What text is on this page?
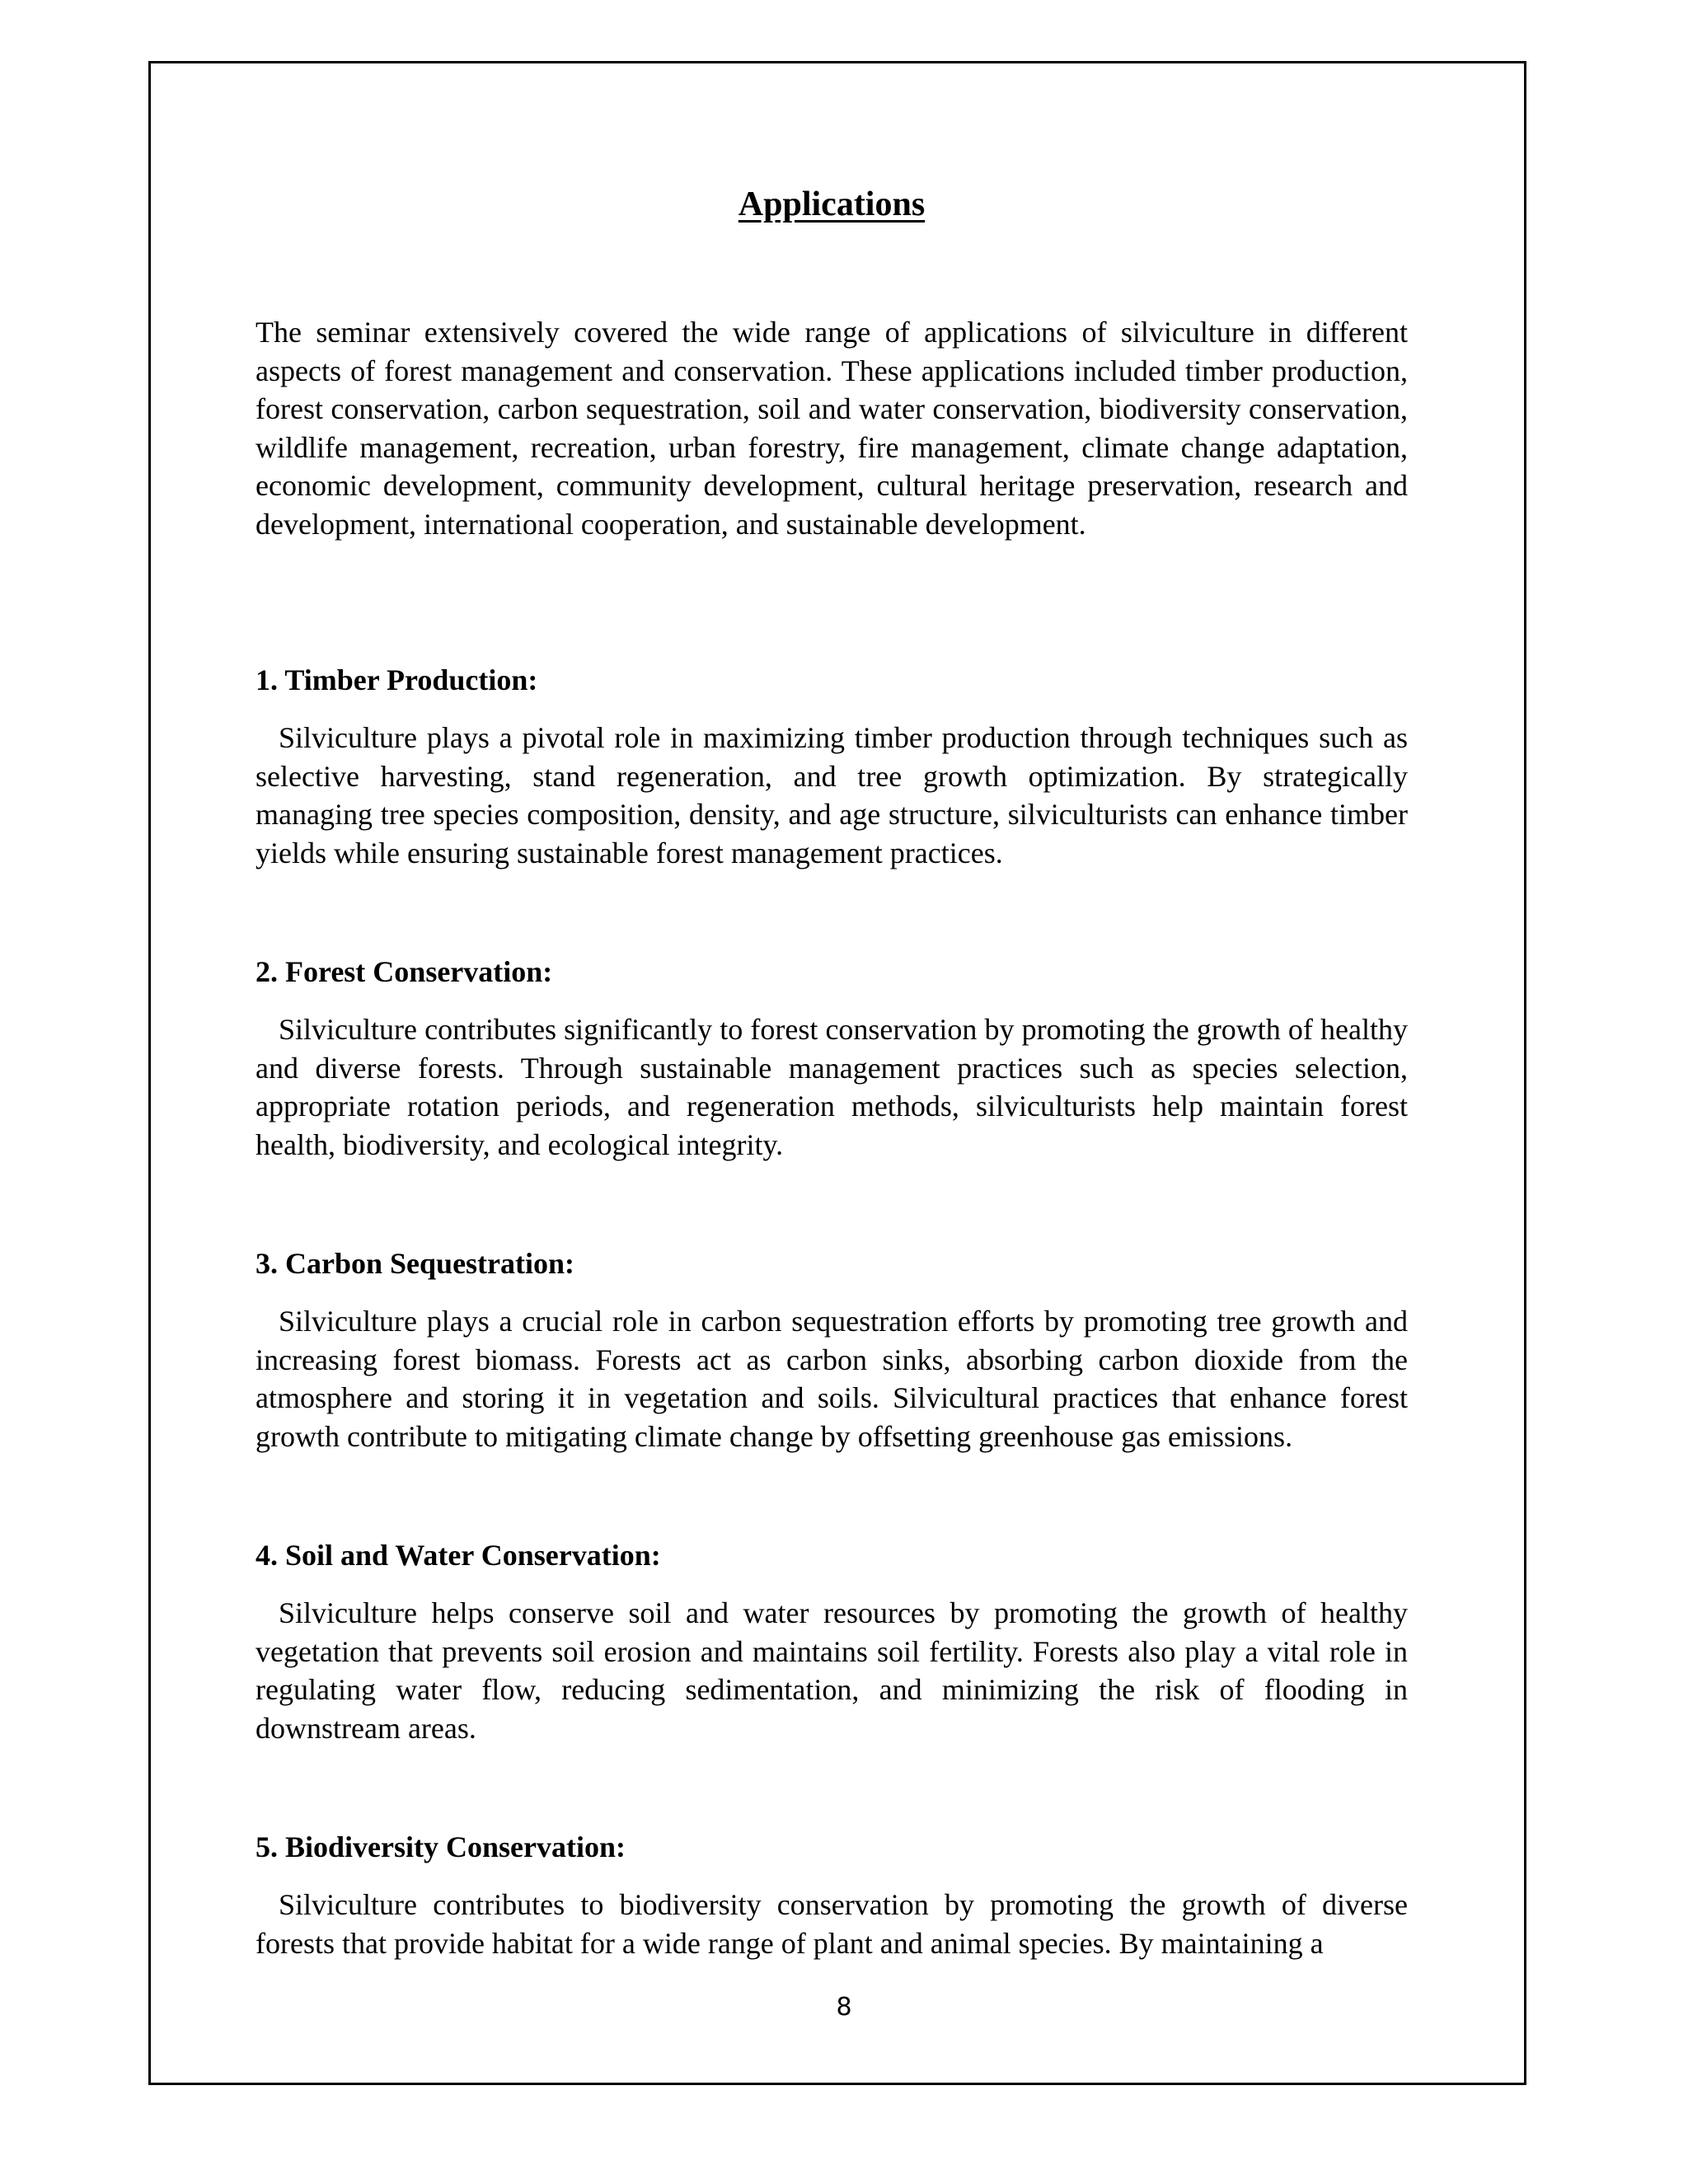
Applications

The seminar extensively covered the wide range of applications of silviculture in different aspects of forest management and conservation. These applications included timber production, forest conservation, carbon sequestration, soil and water conservation, biodiversity conservation, wildlife management, recreation, urban forestry, fire management, climate change adaptation, economic development, community development, cultural heritage preservation, research and development, international cooperation, and sustainable development.

1. Timber Production:

Silviculture plays a pivotal role in maximizing timber production through techniques such as selective harvesting, stand regeneration, and tree growth optimization. By strategically managing tree species composition, density, and age structure, silviculturists can enhance timber yields while ensuring sustainable forest management practices.

2. Forest Conservation:

Silviculture contributes significantly to forest conservation by promoting the growth of healthy and diverse forests. Through sustainable management practices such as species selection, appropriate rotation periods, and regeneration methods, silviculturists help maintain forest health, biodiversity, and ecological integrity.

3. Carbon Sequestration:

Silviculture plays a crucial role in carbon sequestration efforts by promoting tree growth and increasing forest biomass. Forests act as carbon sinks, absorbing carbon dioxide from the atmosphere and storing it in vegetation and soils. Silvicultural practices that enhance forest growth contribute to mitigating climate change by offsetting greenhouse gas emissions.

4. Soil and Water Conservation:

Silviculture helps conserve soil and water resources by promoting the growth of healthy vegetation that prevents soil erosion and maintains soil fertility. Forests also play a vital role in regulating water flow, reducing sedimentation, and minimizing the risk of flooding in downstream areas.

5. Biodiversity Conservation:

Silviculture contributes to biodiversity conservation by promoting the growth of diverse forests that provide habitat for a wide range of plant and animal species. By maintaining a

8
